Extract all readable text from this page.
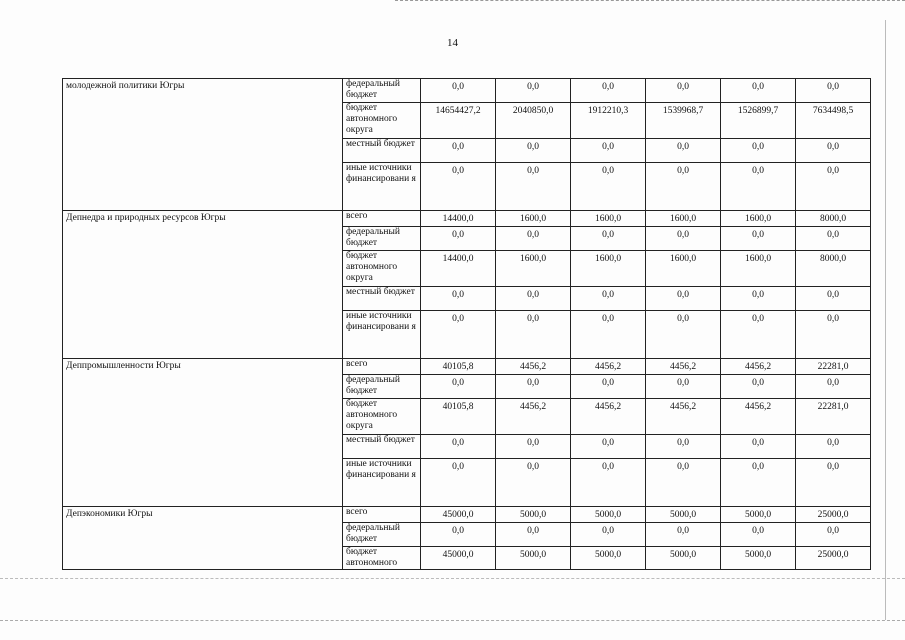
14
молодежной политики Югры	федеральный бюджет	0,0	0,0	0,0	0,0	0,0	0,0
	бюджет автономного округа	14654427,2	2040850,0	1912210,3	1539968,7	1526899,7	7634498,5
	местный бюджет	0,0	0,0	0,0	0,0	0,0	0,0
	иные источники финансировани я	0,0	0,0	0,0	0,0	0,0	0,0
Депнедра и природных ресурсов Югры	всего	14400,0	1600,0	1600,0	1600,0	1600,0	8000,0
	федеральный бюджет	0,0	0,0	0,0	0,0	0,0	0,0
	бюджет автономного округа	14400,0	1600,0	1600,0	1600,0	1600,0	8000,0
	местный бюджет	0,0	0,0	0,0	0,0	0,0	0,0
	иные источники финансировани я	0,0	0,0	0,0	0,0	0,0	0,0
Деппромышленности Югры	всего	40105,8	4456,2	4456,2	4456,2	4456,2	22281,0
	федеральный бюджет	0,0	0,0	0,0	0,0	0,0	0,0
	бюджет автономного округа	40105,8	4456,2	4456,2	4456,2	4456,2	22281,0
	местный бюджет	0,0	0,0	0,0	0,0	0,0	0,0
	иные источники финансировани я	0,0	0,0	0,0	0,0	0,0	0,0
Депэкономики Югры	всего	45000,0	5000,0	5000,0	5000,0	5000,0	25000,0
	федеральный бюджет	0,0	0,0	0,0	0,0	0,0	0,0
	бюджет автономного	45000,0	5000,0	5000,0	5000,0	5000,0	25000,0
